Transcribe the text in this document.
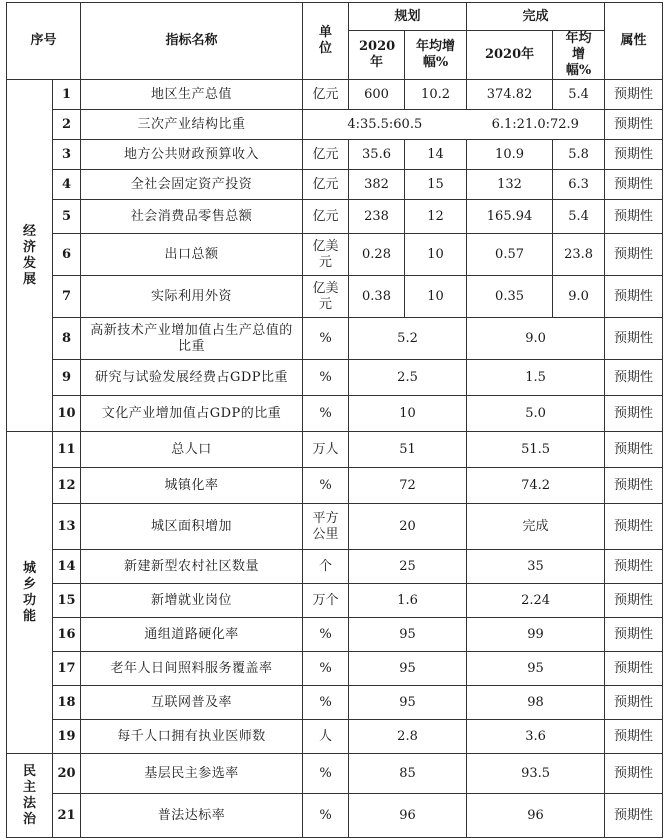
序号		指标名称	单位	规划		完成		属性
				2020年	年均增幅%	2020年	年均增幅%	
经济发展	1	地区生产总值	亿元	600	10.2	374.82	5.4	预期性
	2	三次产业结构比重	4:35.5:60.5			6.1:21.0:72.9		预期性
	3	地方公共财政预算收入	亿元	35.6	14	10.9	5.8	预期性
	4	全社会固定资产投资	亿元	382	15	132	6.3	预期性
	5	社会消费品零售总额	亿元	238	12	165.94	5.4	预期性
	6	出口总额	亿美元	0.28	10	0.57	23.8	预期性
	7	实际利用外资	亿美元	0.38	10	0.35	9.0	预期性
	8	高新技术产业增加值占生产总值的比重	%	5.2		9.0		预期性
	9	研究与试验发展经费占GDP比重	%	2.5		1.5		预期性
	10	文化产业增加值占GDP的比重	%	10		5.0		预期性
城乡功能	11	总人口	万人	51		51.5		预期性
	12	城镇化率	%	72		74.2		预期性
	13	城区面积增加	平方公里	20		完成		预期性
	14	新建新型农村社区数量	个	25		35		预期性
	15	新增就业岗位	万个	1.6		2.24		预期性
	16	通组道路硬化率	%	95		99		预期性
	17	老年人日间照料服务覆盖率	%	95		95		预期性
	18	互联网普及率	%	95		98		预期性
	19	每千人口拥有执业医师数	人	2.8		3.6		预期性
民主法治	20	基层民主参选率	%	85		93.5		预期性
	21	普法达标率	%	96		96		预期性
